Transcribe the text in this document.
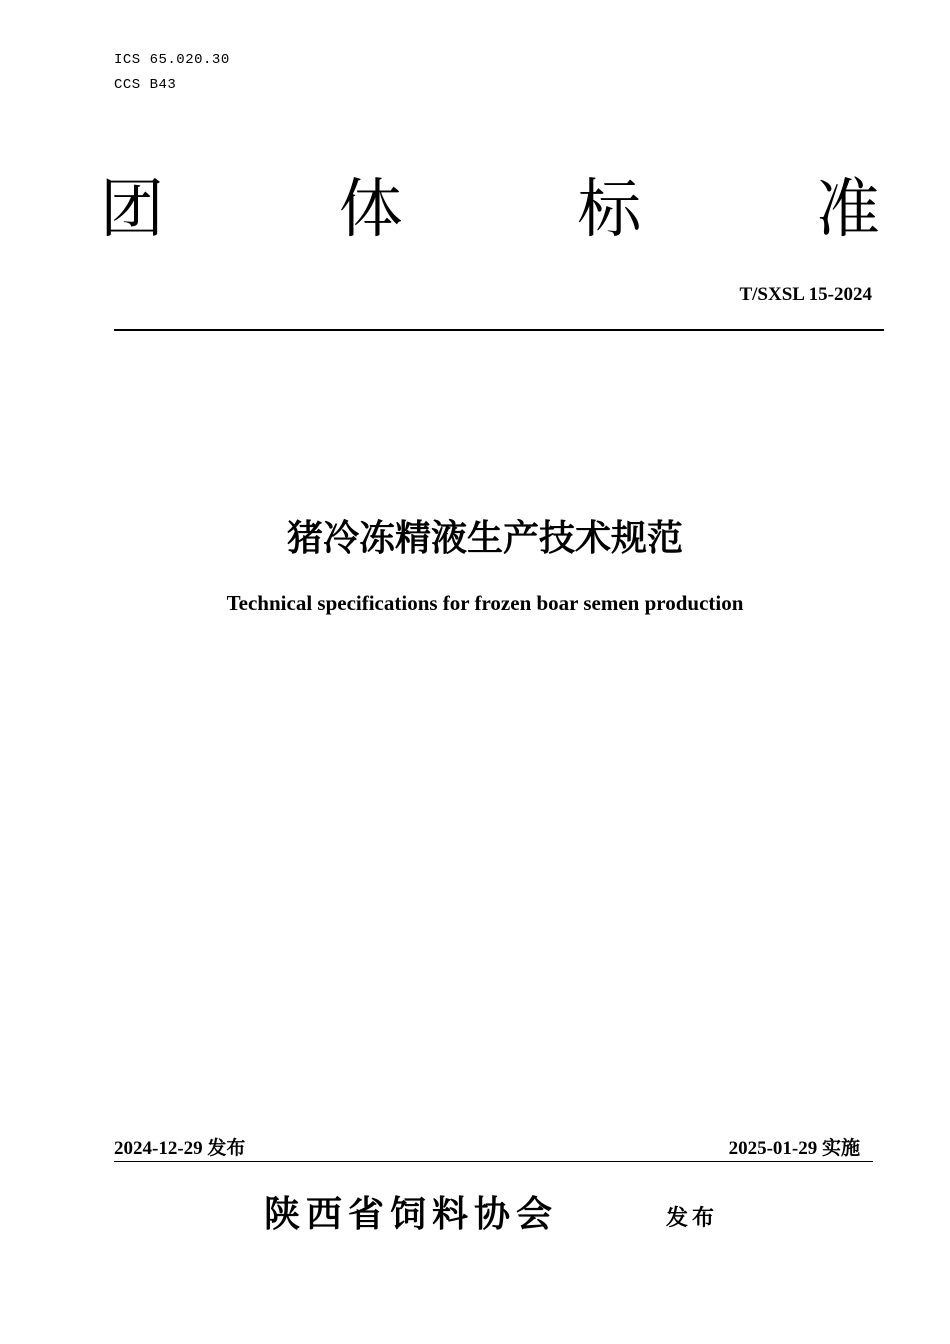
ICS 65.020.30
CCS B43
团	体	标	准
T/SXSL 15-2024
猪冷冻精液生产技术规范
Technical specifications for frozen boar semen production
2024-12-29 发布	2025-01-29 实施
陕西省饲料协会	发布
